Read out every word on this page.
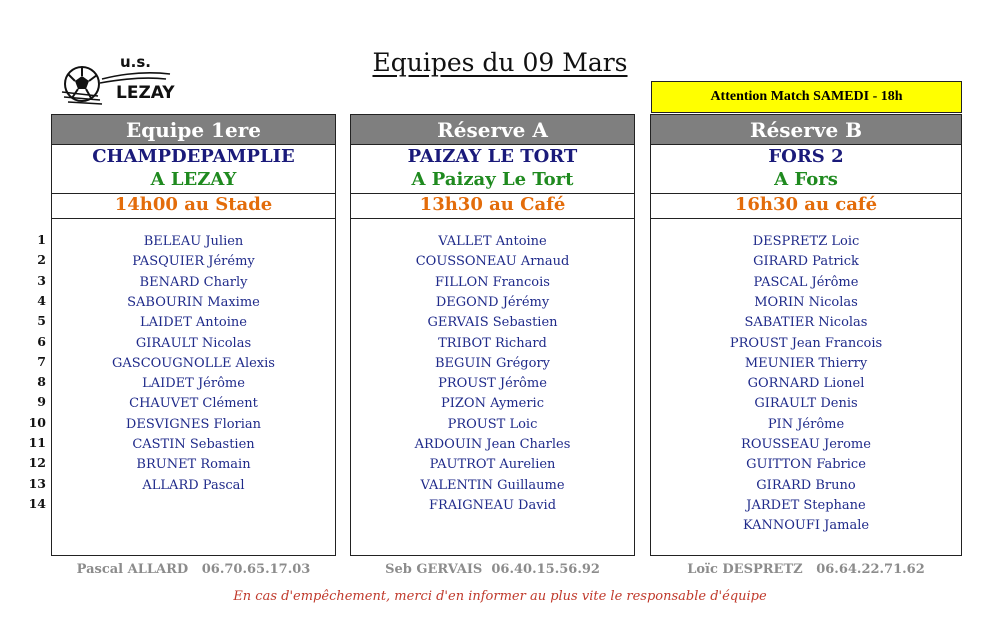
u.s.
LEZAY
Equipes du 09 Mars
Attention Match SAMEDI - 18h
Equipe 1ere
CHAMPDEPAMPLIE
A LEZAY
14h00 au Stade
BELEAU Julien
PASQUIER Jérémy
BENARD Charly
SABOURIN Maxime
LAIDET Antoine
GIRAULT Nicolas
GASCOUGNOLLE Alexis
LAIDET Jérôme
CHAUVET Clément
DESVIGNES Florian
CASTIN Sebastien
BRUNET Romain
ALLARD Pascal
Réserve A
PAIZAY LE TORT
A Paizay Le Tort
13h30 au Café
VALLET Antoine
COUSSONEAU Arnaud
FILLON Francois
DEGOND Jérémy
GERVAIS Sebastien
TRIBOT Richard
BEGUIN Grégory
PROUST Jérôme
PIZON Aymeric
PROUST Loic
ARDOUIN Jean Charles
PAUTROT Aurelien
VALENTIN Guillaume
FRAIGNEAU David
Réserve B
FORS 2
A Fors
16h30 au café
DESPRETZ Loic
GIRARD Patrick
PASCAL Jérôme
MORIN Nicolas
SABATIER Nicolas
PROUST Jean Francois
MEUNIER Thierry
GORNARD Lionel
GIRAULT Denis
PIN Jérôme
ROUSSEAU Jerome
GUITTON Fabrice
GIRARD Bruno
JARDET Stephane
KANNOUFI Jamale
1
2
3
4
5
6
7
8
9
10
11
12
13
14
Pascal ALLARD   06.70.65.17.03	Seb GERVAIS  06.40.15.56.92	Loïc DESPRETZ   06.64.22.71.62
En cas d'empêchement, merci d'en informer au plus vite le responsable d'équipe
